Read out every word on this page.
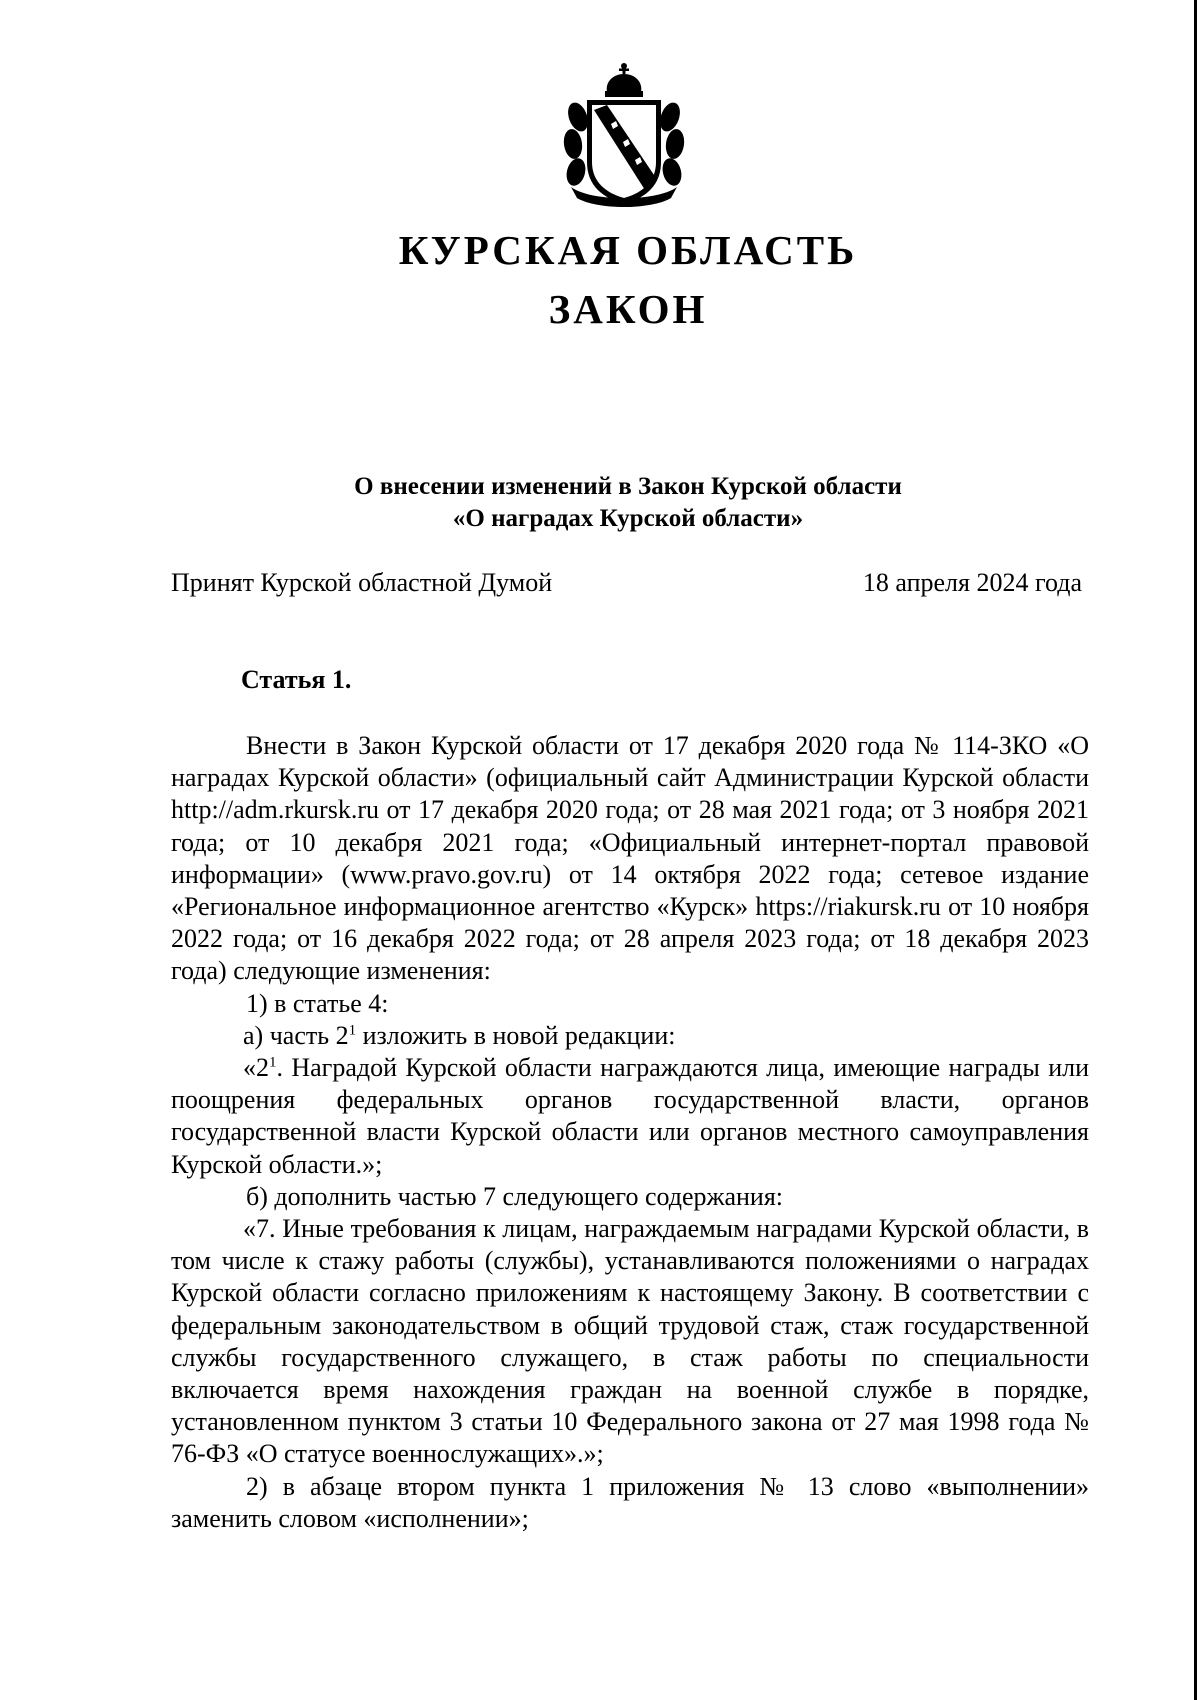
КУРСКАЯ ОБЛАСТЬ
ЗАКОН
О внесении изменений в Закон Курской области
«О наградах Курской области»
Принят Курской областной Думой	18 апреля 2024 года
Статья 1.

Внести в Закон Курской области от 17 декабря 2020 года № 114-ЗКО «О наградах Курской области» (официальный сайт Администрации Курской области http://adm.rkursk.ru от 17 декабря 2020 года; от 28 мая 2021 года; от 3 ноября 2021 года; от 10 декабря 2021 года; «Официальный интернет-портал правовой информации» (www.pravo.gov.ru) от 14 октября 2022 года; сетевое издание «Региональное информационное агентство «Курск» https://riakursk.ru от 10 ноября 2022 года; от 16 декабря 2022 года; от 28 апреля 2023 года; от 18 декабря 2023 года) следующие изменения:

1) в статье 4:

а) часть $2^1$ изложить в новой редакции:

«$2^1$. Наградой Курской области награждаются лица, имеющие награды или поощрения федеральных органов государственной власти, органов государственной власти Курской области или органов местного самоуправления Курской области.»;

б) дополнить частью 7 следующего содержания:

«7. Иные требования к лицам, награждаемым наградами Курской области, в том числе к стажу работы (службы), устанавливаются положениями о наградах Курской области согласно приложениям к настоящему Закону. В соответствии с федеральным законодательством в общий трудовой стаж, стаж государственной службы государственного служащего, в стаж работы по специальности включается время нахождения граждан на военной службе в порядке, установленном пунктом 3 статьи 10 Федерального закона от 27 мая 1998 года № 76-ФЗ «О статусе военнослужащих».»;

2) в абзаце втором пункта 1 приложения № 13 слово «выполнении» заменить словом «исполнении»;
